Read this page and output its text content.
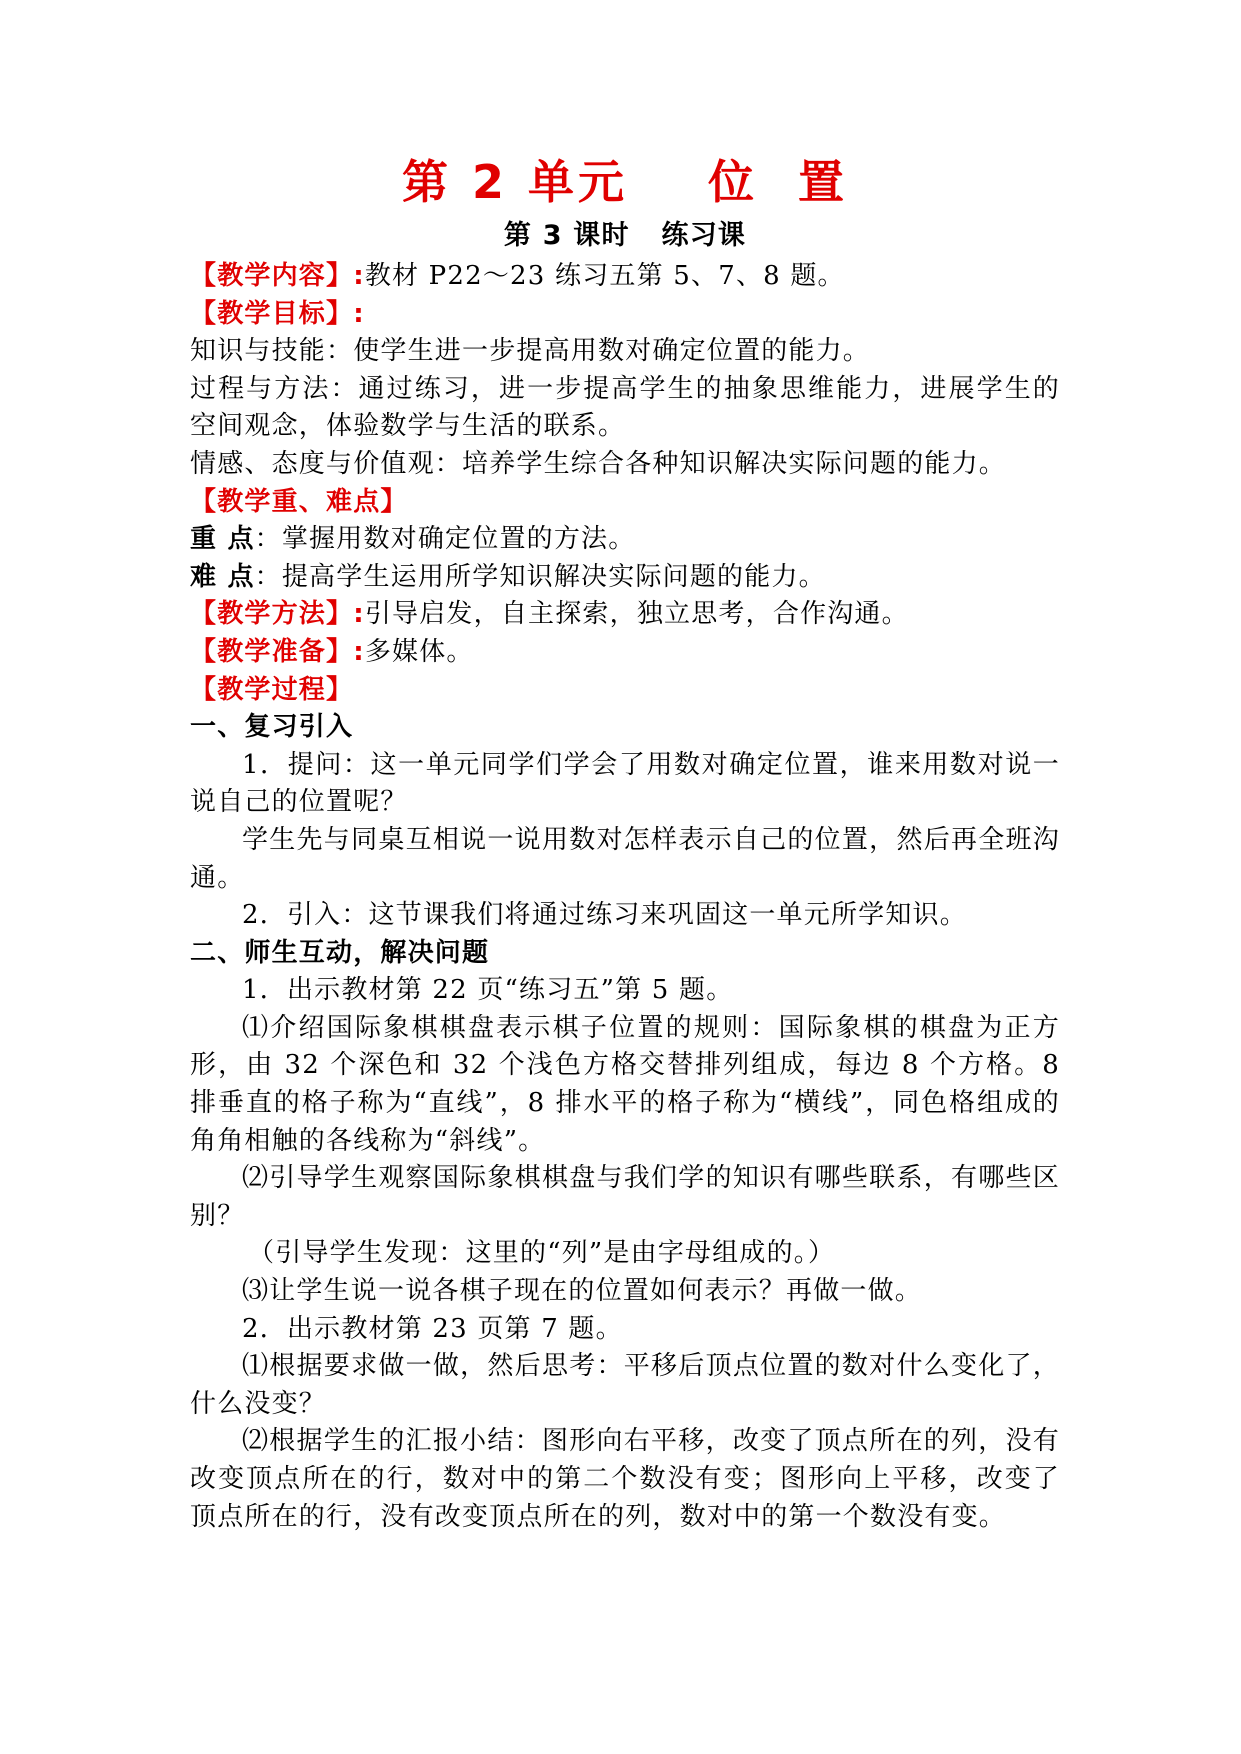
第 2 单元    位  置
第 3 课时   练习课

【教学内容】:教材 P22～23 练习五第 5、7、8 题。

【教学目标】:

知识与技能：使学生进一步提高用数对确定位置的能力。

过程与方法：通过练习，进一步提高学生的抽象思维能力，进展学生的空间观念，体验数学与生活的联系。

情感、态度与价值观：培养学生综合各种知识解决实际问题的能力。

【教学重、难点】

重 点：掌握用数对确定位置的方法。

难 点：提高学生运用所学知识解决实际问题的能力。

【教学方法】:引导启发，自主探索，独立思考，合作沟通。

【教学准备】:多媒体。

【教学过程】

一、复习引入

1．提问：这一单元同学们学会了用数对确定位置，谁来用数对说一说自己的位置呢？

学生先与同桌互相说一说用数对怎样表示自己的位置，然后再全班沟通。

2．引入：这节课我们将通过练习来巩固这一单元所学知识。

二、师生互动，解决问题

1．出示教材第 22 页“练习五”第 5 题。

⑴介绍国际象棋棋盘表示棋子位置的规则：国际象棋的棋盘为正方形，由 32 个深色和 32 个浅色方格交替排列组成，每边 8 个方格。8 排垂直的格子称为“直线”，8 排水平的格子称为“横线”，同色格组成的角角相触的各线称为“斜线”。

⑵引导学生观察国际象棋棋盘与我们学的知识有哪些联系，有哪些区别？

（引导学生发现：这里的“列”是由字母组成的。）

⑶让学生说一说各棋子现在的位置如何表示？再做一做。

2．出示教材第 23 页第 7 题。

⑴根据要求做一做，然后思考：平移后顶点位置的数对什么变化了，什么没变？

⑵根据学生的汇报小结：图形向右平移，改变了顶点所在的列，没有改变顶点所在的行，数对中的第二个数没有变；图形向上平移，改变了顶点所在的行，没有改变顶点所在的列，数对中的第一个数没有变。
